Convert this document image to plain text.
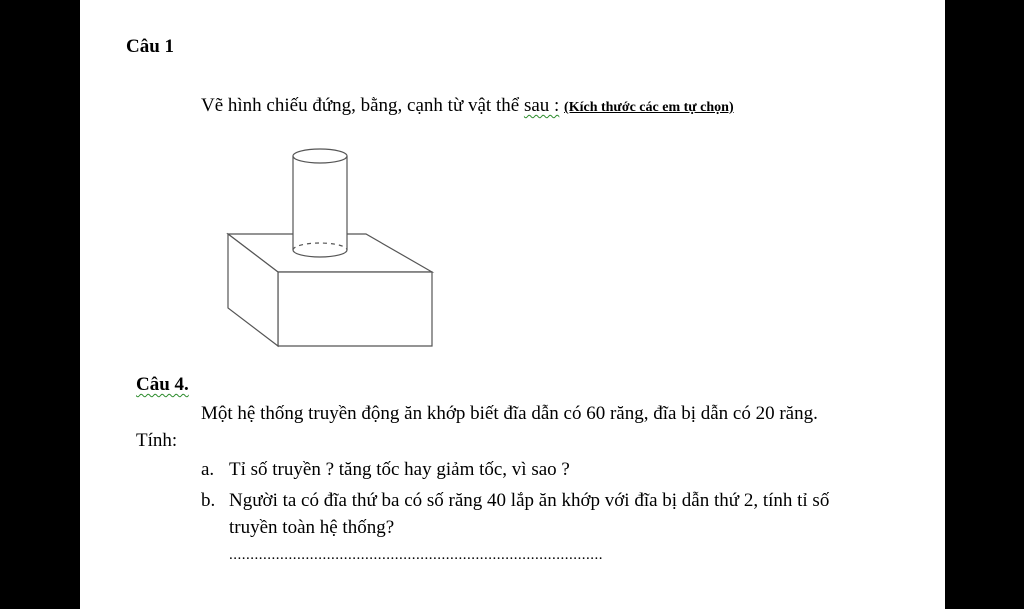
Câu 1
Vẽ hình chiếu đứng, bằng, cạnh từ vật thể sau : (Kích thước các em tự chọn)
Câu 4.
Một hệ thống truyền động ăn khớp biết đĩa dẫn có 60 răng, đĩa bị dẫn có 20 răng.
Tính:
a. Tỉ số truyền ? tăng tốc hay giảm tốc, vì sao ?
b. Người ta có đĩa thứ ba có số răng 40 lắp ăn khớp với đĩa bị dẫn thứ 2, tính tỉ số
truyền toàn hệ thống?
........................................................................................
